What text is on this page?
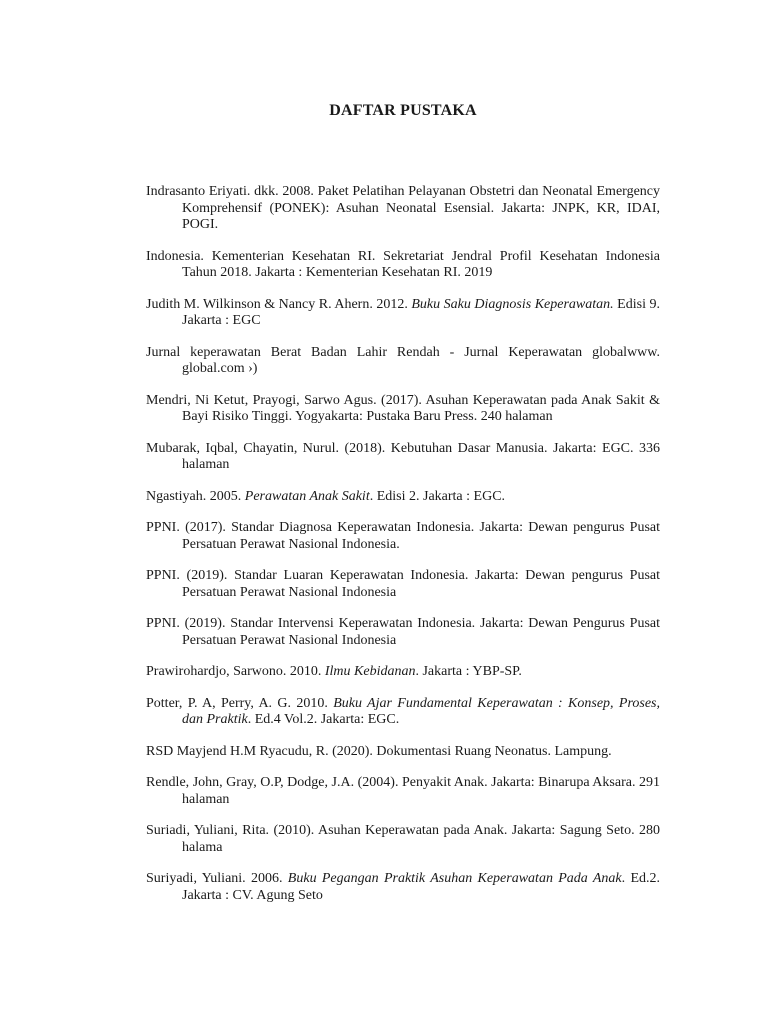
DAFTAR PUSTAKA
Indrasanto Eriyati. dkk. 2008. Paket Pelatihan Pelayanan Obstetri dan Neonatal Emergency Komprehensif (PONEK): Asuhan Neonatal Esensial. Jakarta: JNPK, KR, IDAI, POGI.
Indonesia. Kementerian Kesehatan RI. Sekretariat Jendral Profil Kesehatan Indonesia Tahun 2018. Jakarta : Kementerian Kesehatan RI. 2019
Judith M. Wilkinson & Nancy R. Ahern. 2012. Buku Saku Diagnosis Keperawatan. Edisi 9. Jakarta : EGC
Jurnal keperawatan Berat Badan Lahir Rendah - Jurnal Keperawatan globalwww. global.com ›)
Mendri, Ni Ketut, Prayogi, Sarwo Agus. (2017). Asuhan Keperawatan pada Anak Sakit & Bayi Risiko Tinggi. Yogyakarta: Pustaka Baru Press. 240 halaman
Mubarak, Iqbal, Chayatin, Nurul. (2018). Kebutuhan Dasar Manusia. Jakarta: EGC. 336 halaman
Ngastiyah. 2005. Perawatan Anak Sakit. Edisi 2. Jakarta : EGC.
PPNI. (2017). Standar Diagnosa Keperawatan Indonesia. Jakarta: Dewan pengurus Pusat Persatuan Perawat Nasional Indonesia.
PPNI. (2019). Standar Luaran Keperawatan Indonesia. Jakarta: Dewan pengurus Pusat Persatuan Perawat Nasional Indonesia
PPNI. (2019). Standar Intervensi Keperawatan Indonesia. Jakarta: Dewan Pengurus Pusat Persatuan Perawat Nasional Indonesia
Prawirohardjo, Sarwono. 2010. Ilmu Kebidanan. Jakarta : YBP-SP.
Potter, P. A, Perry, A. G. 2010. Buku Ajar Fundamental Keperawatan : Konsep, Proses, dan Praktik. Ed.4 Vol.2. Jakarta: EGC.
RSD Mayjend H.M Ryacudu, R. (2020). Dokumentasi Ruang Neonatus. Lampung.
Rendle, John, Gray, O.P, Dodge, J.A. (2004). Penyakit Anak. Jakarta: Binarupa Aksara. 291 halaman
Suriadi, Yuliani, Rita. (2010). Asuhan Keperawatan pada Anak. Jakarta: Sagung Seto. 280 halama
Suriyadi, Yuliani. 2006. Buku Pegangan Praktik Asuhan Keperawatan Pada Anak. Ed.2. Jakarta : CV. Agung Seto
